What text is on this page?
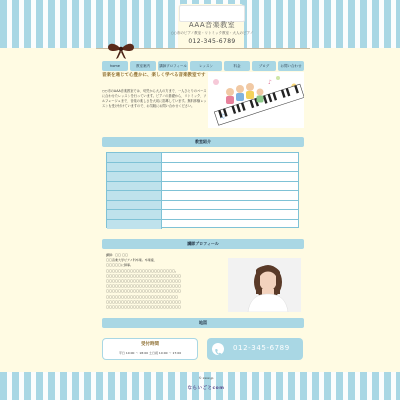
AAA音楽教室
○○市のピアノ教室・リトミック教室・大人のピアノ
012-345-6789
home	教室案内	講師プロフィール	レッスン	料金	ブログ	お問い合わせ
音楽を通じて心豊かに、楽しく学べる音楽教室です
○○市のAAA音楽教室では、幼児から大人の方まで、一人ひとりのペースに合わせたレッスンを行っています。ピアノの基礎から、リトミック、ソルフェージュまで、音楽の楽しさを大切に指導しています。無料体験レッスンも受け付けていますので、お気軽にお問い合わせください。
♪
♫
教室紹介
講師プロフィール
講師：〇〇 〇〇
〇〇音楽大学ピアノ科卒業。卒業後、
〇〇〇〇〇に師事。
〇〇〇〇〇〇〇〇〇〇〇〇〇〇〇〇〇〇〇〇〇〇〇。
〇〇〇〇〇〇〇〇〇〇〇〇〇〇〇〇〇〇〇〇〇〇〇〇〇
〇〇〇〇〇〇〇〇〇〇〇〇〇〇〇〇〇〇〇〇〇〇〇〇〇
〇〇〇〇〇〇〇〇〇〇〇〇〇〇〇〇〇〇〇〇〇〇〇〇〇
〇〇〇〇〇〇〇〇〇〇〇〇〇〇〇〇〇〇〇〇〇〇〇〇〇
〇〇〇〇〇〇〇〇〇〇〇〇〇〇〇〇〇〇〇〇〇〇〇〇
〇〇〇〇〇〇〇〇〇〇〇〇〇〇〇〇〇〇〇〇〇〇〇〇〇
〇〇〇〇〇〇〇〇〇〇〇〇〇〇〇〇〇〇〇〇〇〇〇〇〇
地図
受付時間
平日 10:00 〜 18:00 土日祝 10:00 〜 17:00
012-345-6789
© xxxx.jp
ならいごとcom
